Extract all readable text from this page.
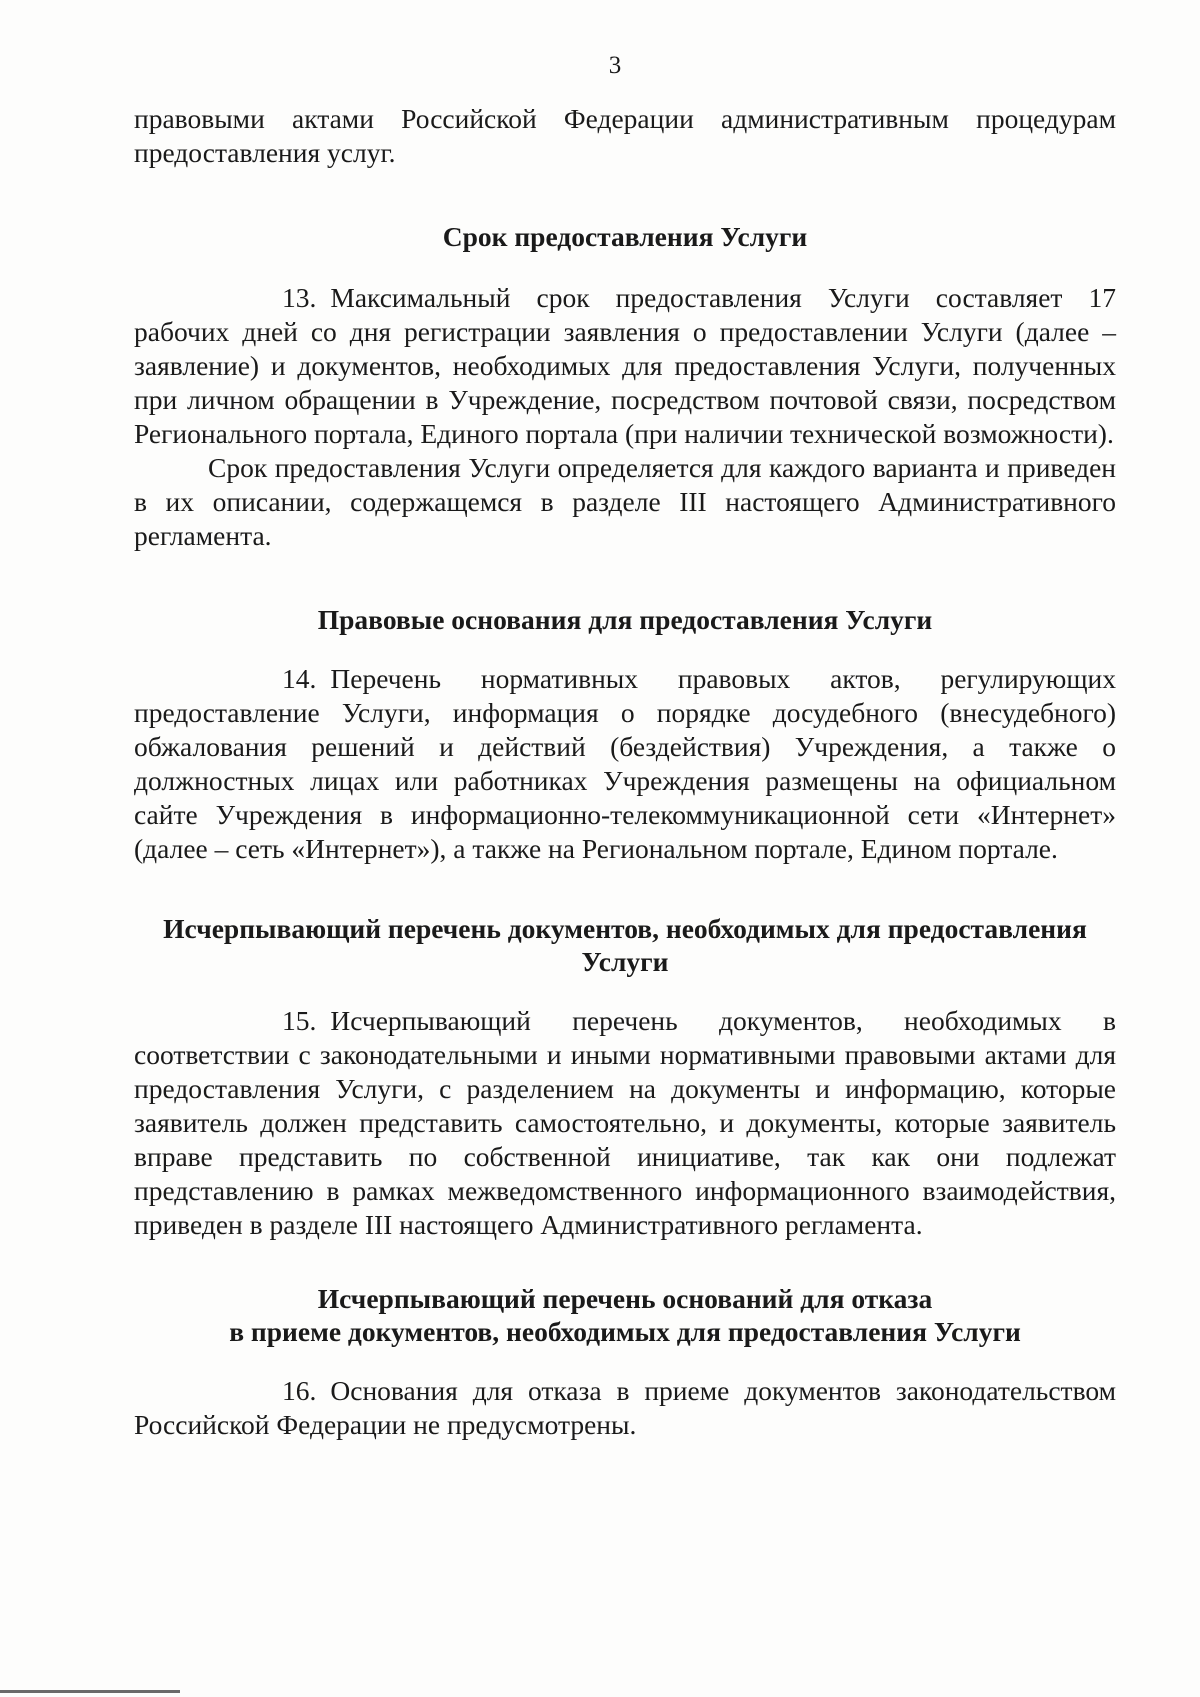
3

правовыми актами Российской Федерации административным процедурам предоставления услуг.

Срок предоставления Услуги

13. Максимальный срок предоставления Услуги составляет 17 рабочих дней со дня регистрации заявления о предоставлении Услуги (далее – заявление) и документов, необходимых для предоставления Услуги, полученных при личном обращении в Учреждение, посредством почтовой связи, посредством Регионального портала, Единого портала (при наличии технической возможности).

Срок предоставления Услуги определяется для каждого варианта и приведен в их описании, содержащемся в разделе III настоящего Административного регламента.

Правовые основания для предоставления Услуги

14. Перечень нормативных правовых актов, регулирующих предоставление Услуги, информация о порядке досудебного (внесудебного) обжалования решений и действий (бездействия) Учреждения, а также о должностных лицах или работниках Учреждения размещены на официальном сайте Учреждения в информационно-телекоммуникационной сети «Интернет» (далее – сеть «Интернет»), а также на Региональном портале, Едином портале.

Исчерпывающий перечень документов, необходимых для предоставления
Услуги

15. Исчерпывающий перечень документов, необходимых в соответствии с законодательными и иными нормативными правовыми актами для предоставления Услуги, с разделением на документы и информацию, которые заявитель должен представить самостоятельно, и документы, которые заявитель вправе представить по собственной инициативе, так как они подлежат представлению в рамках межведомственного информационного взаимодействия, приведен в разделе III настоящего Административного регламента.

Исчерпывающий перечень оснований для отказа
в приеме документов, необходимых для предоставления Услуги

16. Основания для отказа в приеме документов законодательством Российской Федерации не предусмотрены.
